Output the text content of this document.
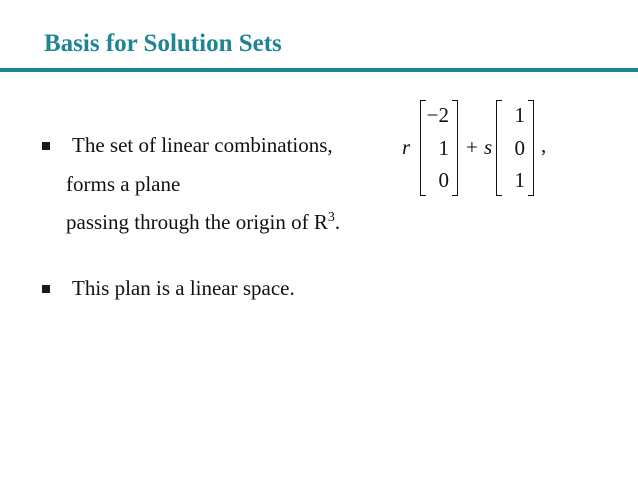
Basis for Solution Sets
The set of linear combinations,
forms a plane
passing through the origin of $R^3$.
r
−2
1
0
+ s
1
0
1
,
This plan is a linear space.
